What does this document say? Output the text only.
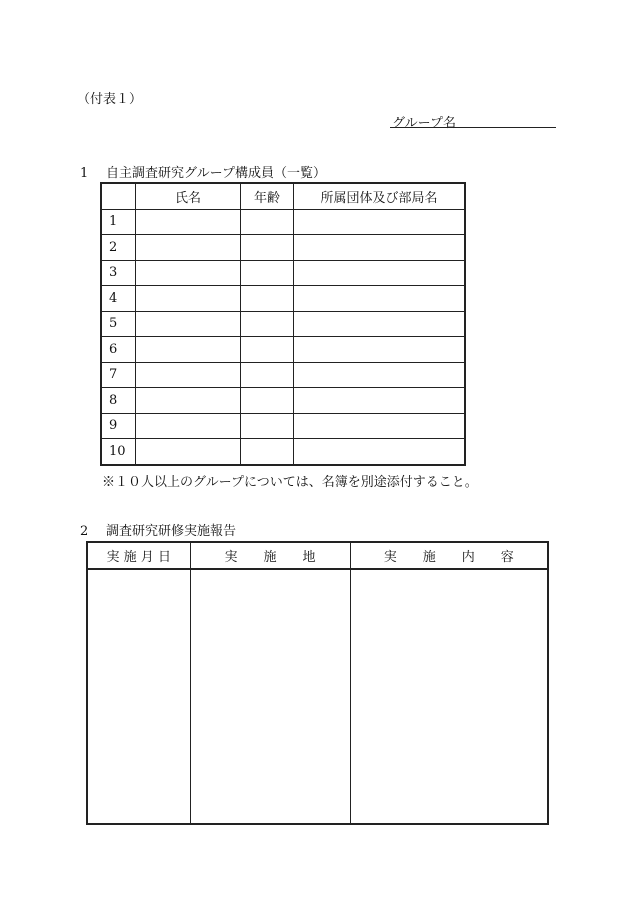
（付表１）
グループ名
1 自主調査研究グループ構成員（一覧）
	氏名	年齢	所属団体及び部局名
1			
2			
3			
4			
5			
6			
7			
8			
9			
10			
※１０人以上のグループについては、名簿を別途添付すること。
2 調査研究研修実施報告
実 施 月 日	実　　施　　地	実　　施　　内　　容
